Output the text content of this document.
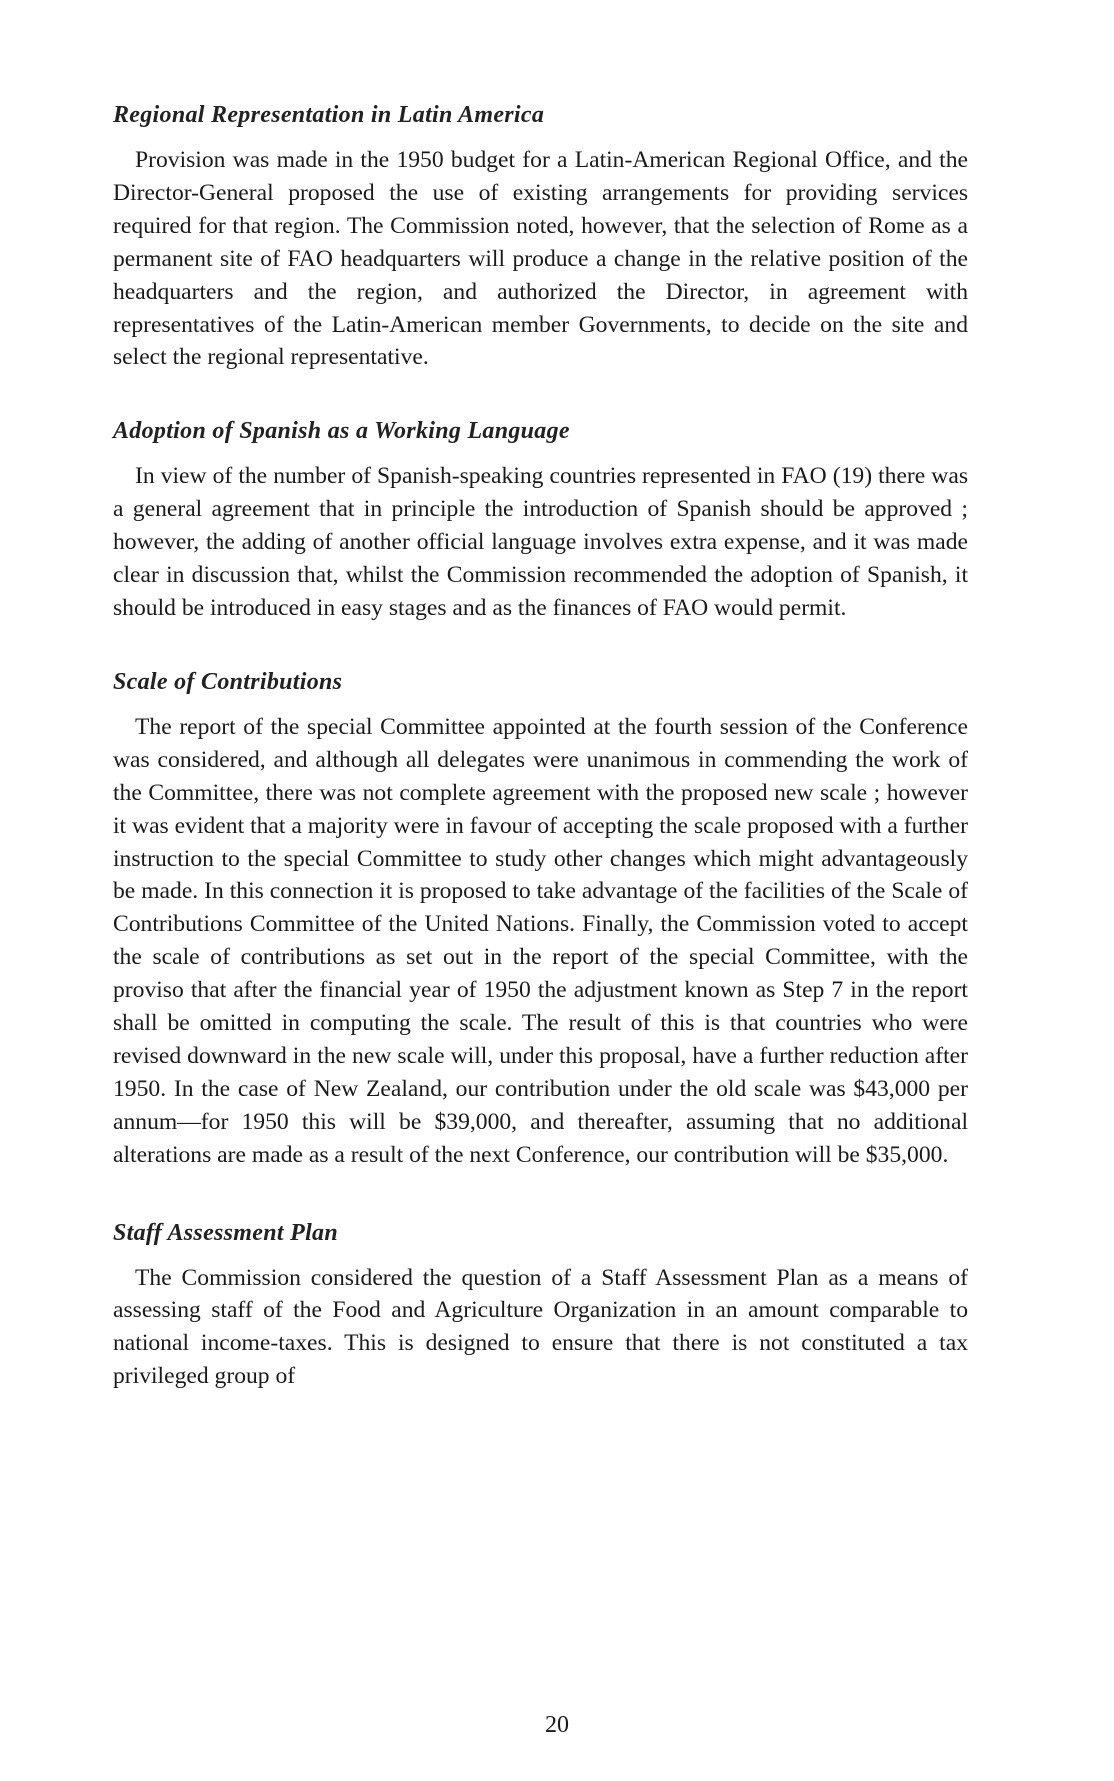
Regional Representation in Latin America

Provision was made in the 1950 budget for a Latin-American Regional Office, and the Director-General proposed the use of existing arrangements for providing services required for that region. The Commission noted, however, that the selection of Rome as a permanent site of FAO headquarters will produce a change in the relative position of the headquarters and the region, and authorized the Director, in agreement with representatives of the Latin-American member Governments, to decide on the site and select the regional representative.

Adoption of Spanish as a Working Language

In view of the number of Spanish-speaking countries represented in FAO (19) there was a general agreement that in principle the introduction of Spanish should be approved ; however, the adding of another official language involves extra expense, and it was made clear in discussion that, whilst the Commission recommended the adoption of Spanish, it should be introduced in easy stages and as the finances of FAO would permit.

Scale of Contributions

The report of the special Committee appointed at the fourth session of the Conference was considered, and although all delegates were unanimous in commending the work of the Committee, there was not complete agreement with the proposed new scale ; however it was evident that a majority were in favour of accepting the scale proposed with a further instruction to the special Committee to study other changes which might advantageously be made. In this connection it is proposed to take advantage of the facilities of the Scale of Contributions Committee of the United Nations. Finally, the Commission voted to accept the scale of contributions as set out in the report of the special Committee, with the proviso that after the financial year of 1950 the adjustment known as Step 7 in the report shall be omitted in computing the scale. The result of this is that countries who were revised downward in the new scale will, under this proposal, have a further reduction after 1950. In the case of New Zealand, our contribution under the old scale was $43,000 per annum—for 1950 this will be $39,000, and thereafter, assuming that no additional alterations are made as a result of the next Conference, our contribution will be $35,000.

Staff Assessment Plan

The Commission considered the question of a Staff Assessment Plan as a means of assessing staff of the Food and Agriculture Organization in an amount comparable to national income-taxes. This is designed to ensure that there is not constituted a tax privileged group of

20
